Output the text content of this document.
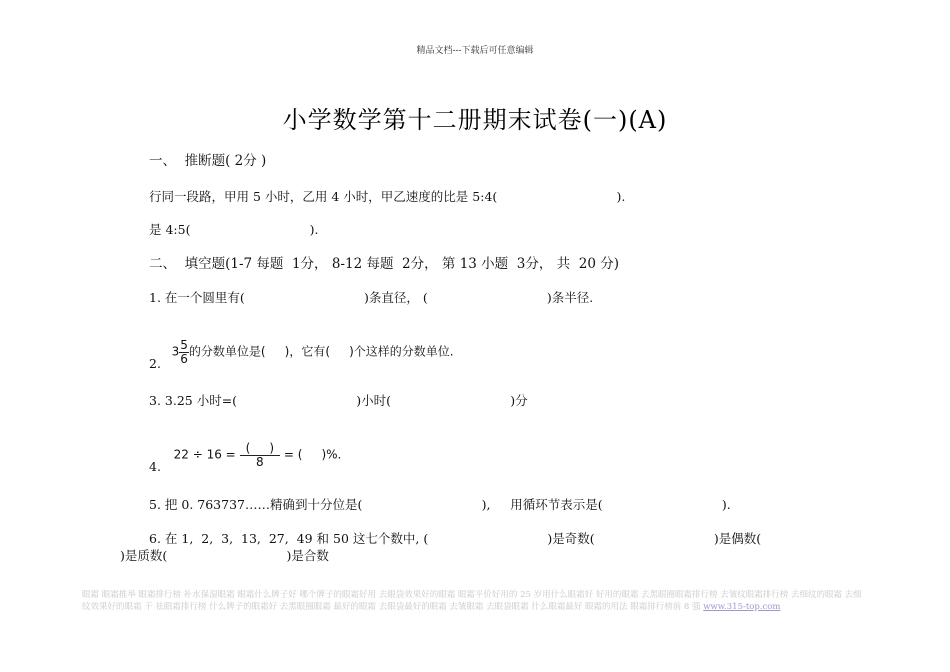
精品文档---下载后可任意编辑
小学数学第十二册期末试卷(一)(A)
一、  推断题( 2分 )
行同一段路，甲用 5 小时，乙用 4 小时，甲乙速度的比是 5:4(                              ).
是 4:5(                              ).
二、  填空题(1-7 每题  1分， 8-12 每题  2分， 第 13 小题  3分， 共  20 分)
1. 在一个圆里有(                              )条直径， (                              )条半径.

$3 \frac{5}{6}$ 的分数单位是(     )，它有(     )个这样的分数单位.

2.
3. 3.25 小时=(                              )小时(                              )分

$22 \div 16 = \frac{( )}{8}$ = (     )%.

4.
5. 把 0. 763737……精确到十分位是(                              ),     用循环节表示是(                              ).
6. 在 1,  2,  3,  13,  27,  49 和 50 这七个数中, (                              )是奇数(                              )是偶数(
)是质数(                              )是合数
眼霜 眼霜推举 眼霜排行榜 补水保湿眼霜 眼霜什么牌子好 哪个牌子的眼霜好用 去眼袋效果好的眼霜 眼霜平价好用的 25 岁用什么眼霜好 好用的眼霜 去黑眼圈眼霜排行榜 去皱纹眼霜排行榜 去细纹的眼霜 去细纹效果好的眼霜 干 祛眼霜排行榜 什么牌子的眼霜好 去黑眼圈眼霜 最好的眼霜 去眼袋最好的眼霜 去皱眼霜 去眼袋眼霜 什么眼霜最好 眼霜的用法 眼霜排行榜前 8 强 www.315-top.com
